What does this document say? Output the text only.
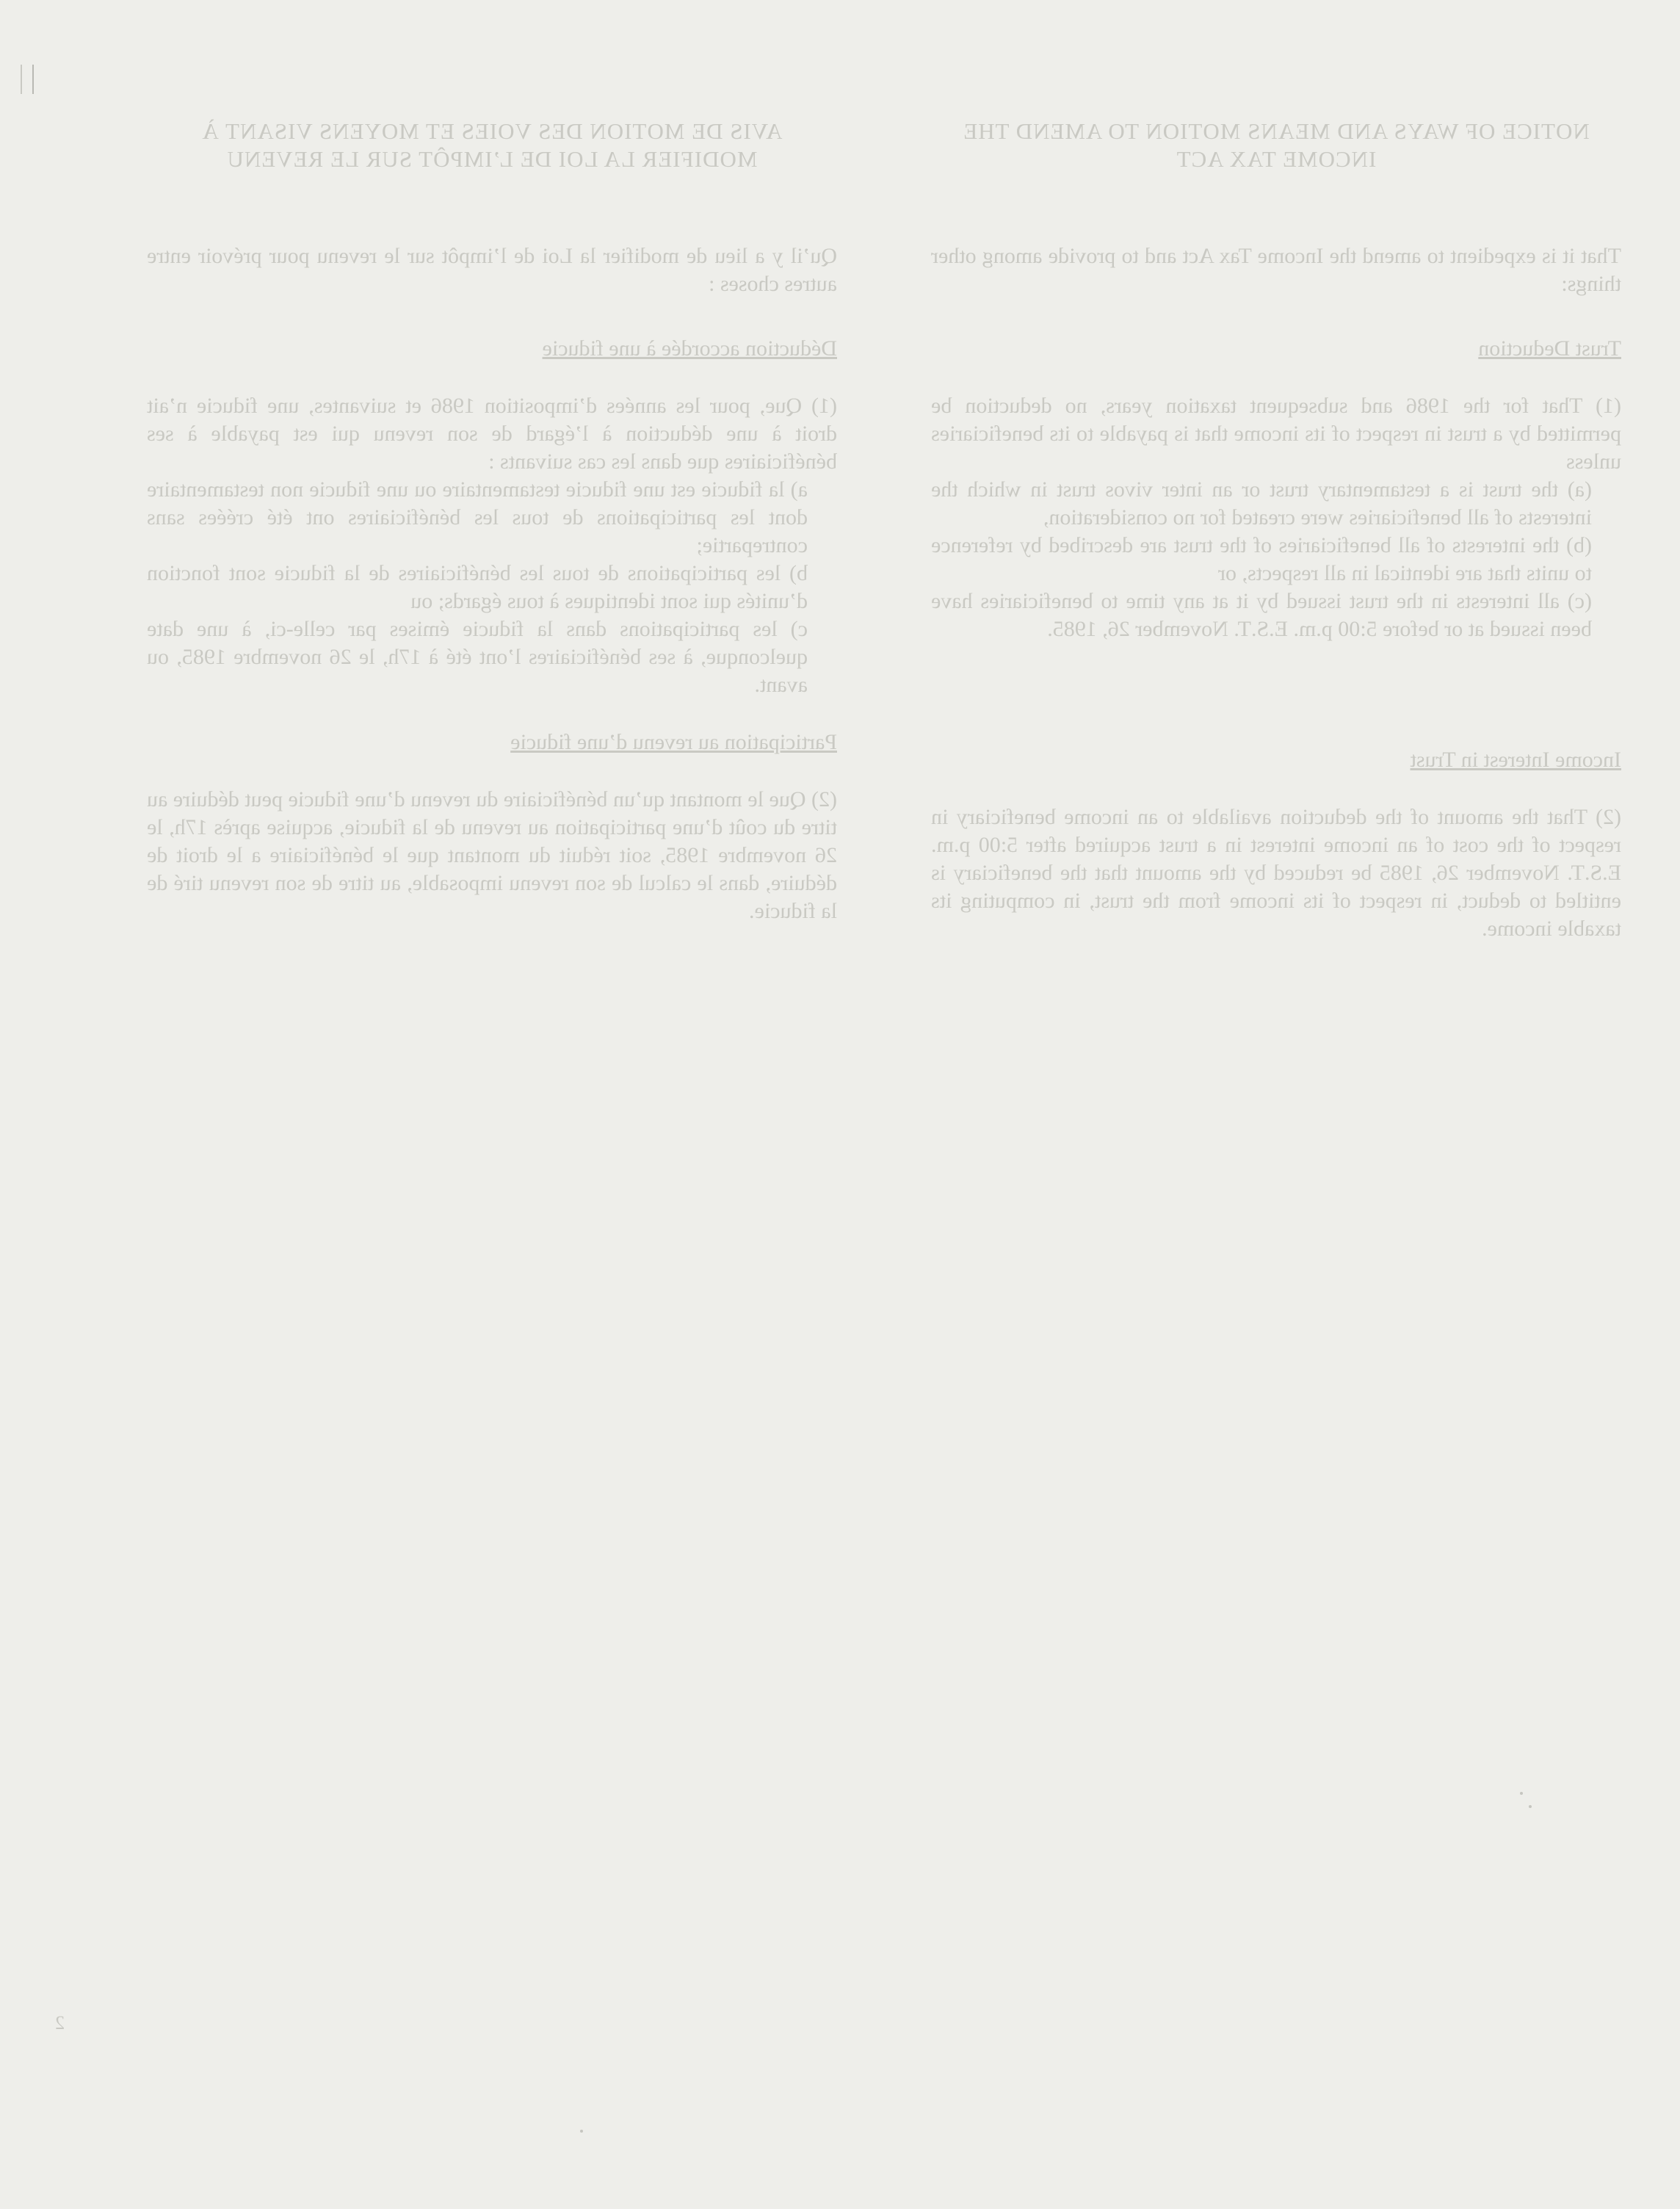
NOTICE OF WAYS AND MEANS MOTION TO AMEND THE INCOME TAX ACT

That it is expedient to amend the Income Tax Act and to provide among other things:

Trust Deduction

(1) That for the 1986 and subsequent taxation years, no deduction be permitted by a trust in respect of its income that is payable to its beneficiaries unless

(a) the trust is a testamentary trust or an inter vivos trust in which the interests of all beneficiaries were created for no consideration,

(b) the interests of all beneficiaries of the trust are described by reference to units that are identical in all respects, or

(c) all interests in the trust issued by it at any time to beneficiaries have been issued at or before 5:00 p.m. E.S.T. November 26, 1985.

Income Interest in Trust

(2) That the amount of the deduction available to an income beneficiary in respect of the cost of an income interest in a trust acquired after 5:00 p.m. E.S.T. November 26, 1985 be reduced by the amount that the beneficiary is entitled to deduct, in respect of its income from the trust, in computing its taxable income.

AVIS DE MOTION DES VOIES ET MOYENS VISANT À MODIFIER LA LOI DE L’IMPÔT SUR LE REVENU

Qu’il y a lieu de modifier la Loi de l’impôt sur le revenu pour prévoir entre autres choses :

Déduction accordée à une fiducie

(1) Que, pour les années d’imposition 1986 et suivantes, une fiducie n’ait droit à une déduction à l’égard de son revenu qui est payable à ses bénéficiaires que dans les cas suivants :

a) la fiducie est une fiducie testamentaire ou une fiducie non testamentaire dont les participations de tous les bénéficiaires ont été créées sans contrepartie;

b) les participations de tous les bénéficiaires de la fiducie sont fonction d’unités qui sont identiques à tous égards; ou

c) les participations dans la fiducie émises par celle-ci, à une date quelconque, à ses bénéficiaires l’ont été à 17h, le 26 novembre 1985, ou avant.

Participation au revenu d’une fiducie

(2) Que le montant qu’un bénéficiaire du revenu d’une fiducie peut déduire au titre du coût d’une participation au revenu de la fiducie, acquise après 17h, le 26 novembre 1985, soit réduit du montant que le bénéficiaire a le droit de déduire, dans le calcul de son revenu imposable, au titre de son revenu tiré de la fiducie.

2
